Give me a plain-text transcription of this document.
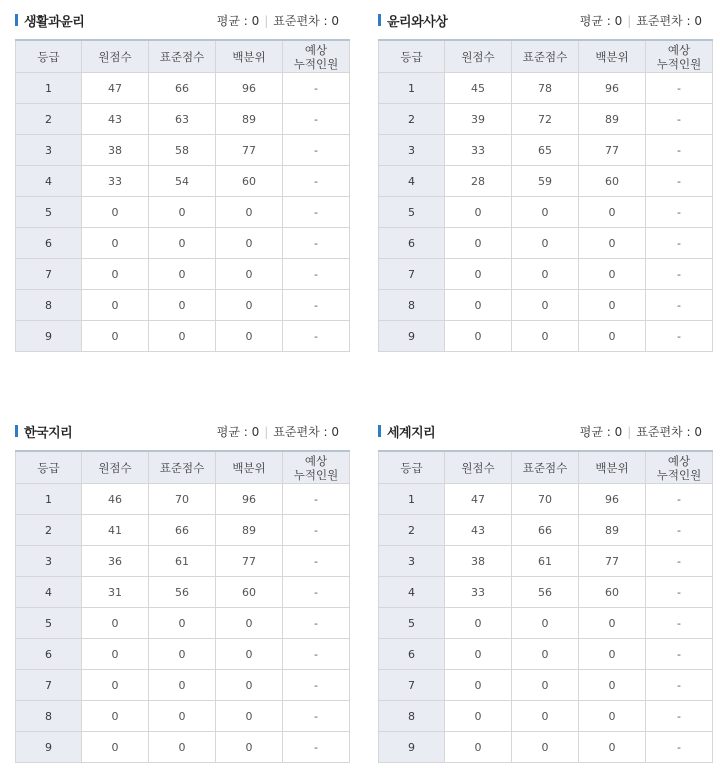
생활과윤리	평균 : 0 | 표준편차 : 0
등급	원점수	표준점수	백분위	예상
누적인원
1	47	66	96	-
2	43	63	89	-
3	38	58	77	-
4	33	54	60	-
5	0	0	0	-
6	0	0	0	-
7	0	0	0	-
8	0	0	0	-
9	0	0	0	-
윤리와사상	평균 : 0 | 표준편차 : 0
등급	원점수	표준점수	백분위	예상
누적인원
1	45	78	96	-
2	39	72	89	-
3	33	65	77	-
4	28	59	60	-
5	0	0	0	-
6	0	0	0	-
7	0	0	0	-
8	0	0	0	-
9	0	0	0	-
한국지리	평균 : 0 | 표준편차 : 0
등급	원점수	표준점수	백분위	예상
누적인원
1	46	70	96	-
2	41	66	89	-
3	36	61	77	-
4	31	56	60	-
5	0	0	0	-
6	0	0	0	-
7	0	0	0	-
8	0	0	0	-
9	0	0	0	-
세계지리	평균 : 0 | 표준편차 : 0
등급	원점수	표준점수	백분위	예상
누적인원
1	47	70	96	-
2	43	66	89	-
3	38	61	77	-
4	33	56	60	-
5	0	0	0	-
6	0	0	0	-
7	0	0	0	-
8	0	0	0	-
9	0	0	0	-
